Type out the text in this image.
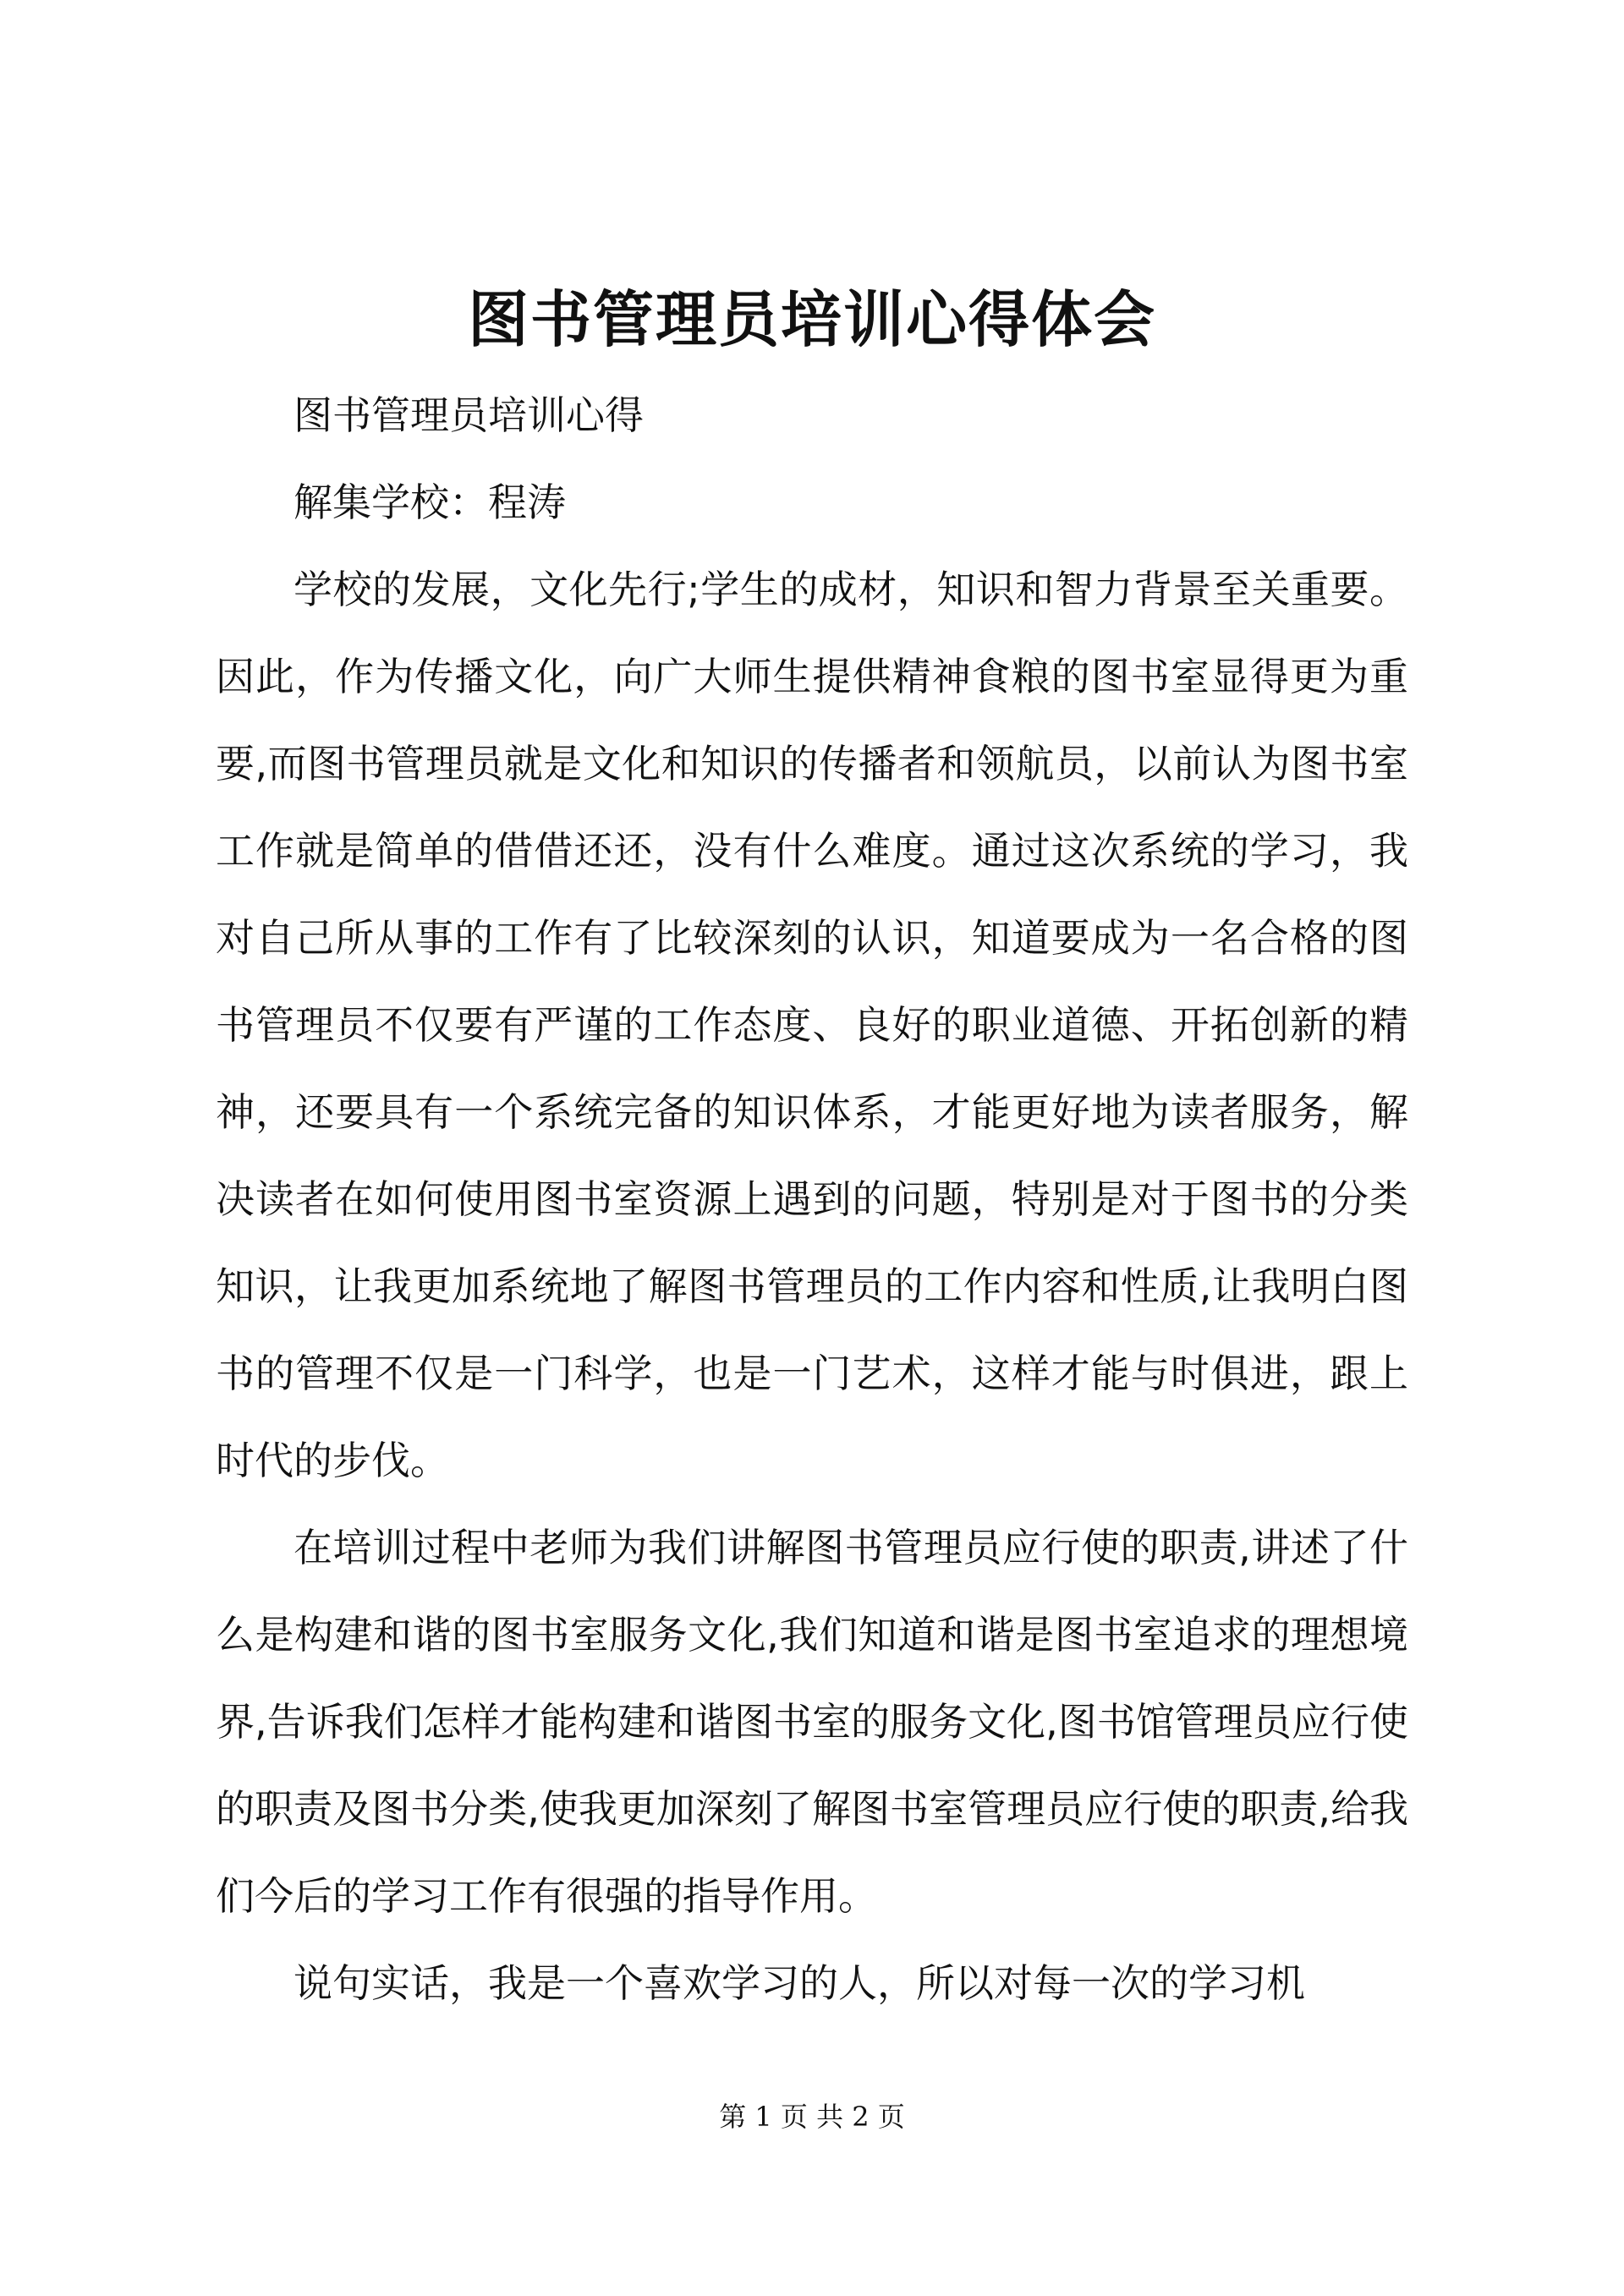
图书管理员培训心得体会

图书管理员培训心得

解集学校：程涛

学校的发展，文化先行;学生的成材，知识和智力背景至关重要。因此，作为传播文化，向广大师生提供精神食粮的图书室显得更为重要,而图书管理员就是文化和知识的传播者和领航员，以前认为图书室工作就是简单的借借还还，没有什么难度。通过这次系统的学习，我对自己所从事的工作有了比较深刻的认识，知道要成为一名合格的图书管理员不仅要有严谨的工作态度、良好的职业道德、开拓创新的精神，还要具有一个系统完备的知识体系，才能更好地为读者服务，解决读者在如何使用图书室资源上遇到的问题，特别是对于图书的分类知识，让我更加系统地了解图书管理员的工作内容和性质,让我明白图书的管理不仅是一门科学，也是一门艺术，这样才能与时俱进，跟上时代的步伐。

在培训过程中老师为我们讲解图书管理员应行使的职责,讲述了什么是构建和谐的图书室服务文化,我们知道和谐是图书室追求的理想境界,告诉我们怎样才能构建和谐图书室的服务文化,图书馆管理员应行使的职责及图书分类,使我更加深刻了解图书室管理员应行使的职责,给我们今后的学习工作有很强的指导作用。

说句实话，我是一个喜欢学习的人，所以对每一次的学习机

第 1 页 共 2 页
